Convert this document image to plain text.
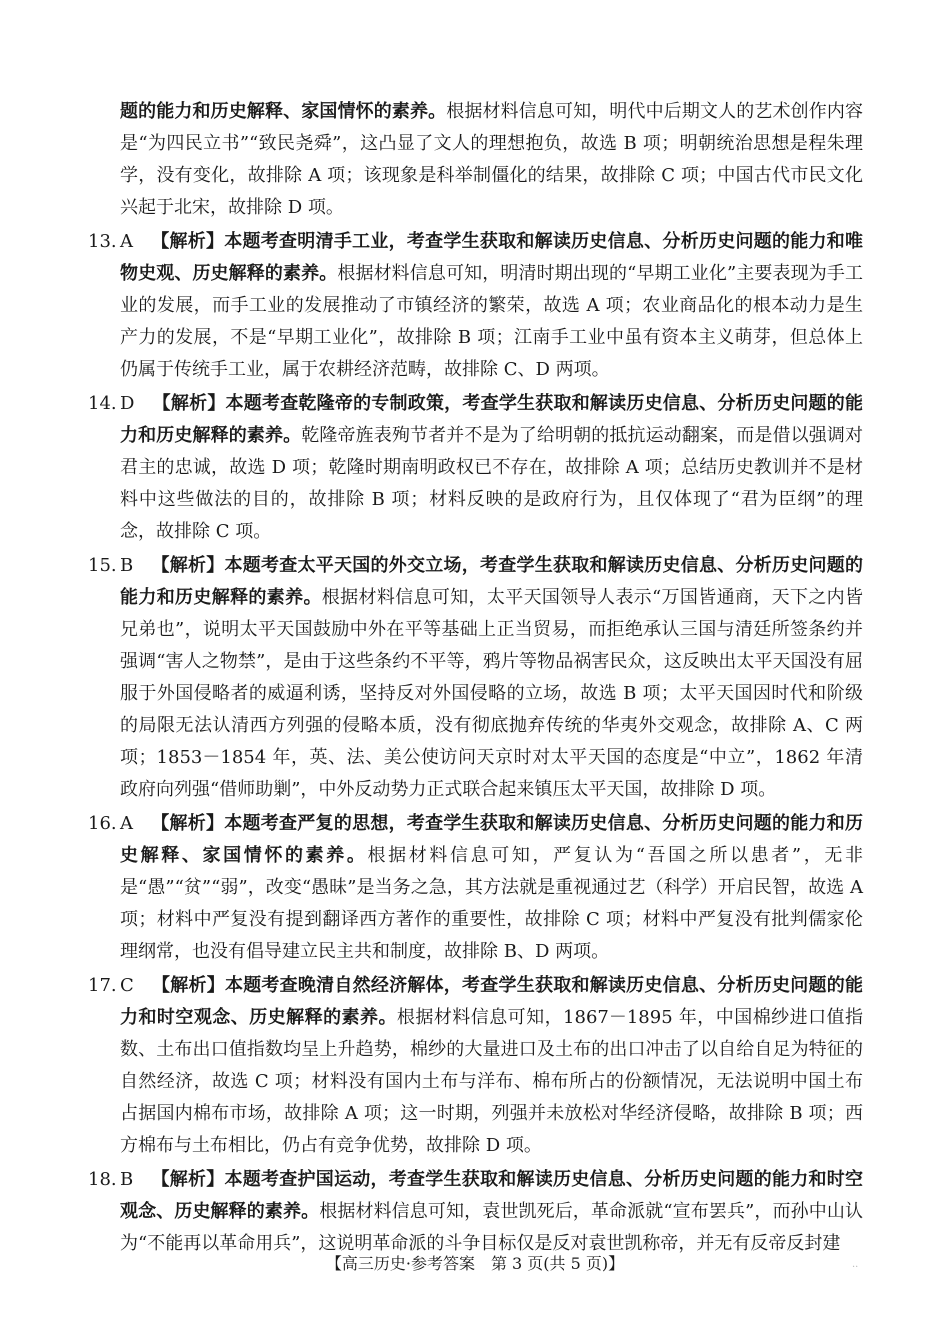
题的能力和历史解释、家国情怀的素养。根据材料信息可知，明代中后期文人的艺术创作内容是“为四民立书”“致民尧舜”，这凸显了文人的理想抱负，故选 B 项；明朝统治思想是程朱理学，没有变化，故排除 A 项；该现象是科举制僵化的结果，故排除 C 项；中国古代市民文化兴起于北宋，故排除 D 项。

13. A 【解析】本题考查明清手工业，考查学生获取和解读历史信息、分析历史问题的能力和唯物史观、历史解释的素养。根据材料信息可知，明清时期出现的“早期工业化”主要表现为手工业的发展，而手工业的发展推动了市镇经济的繁荣，故选 A 项；农业商品化的根本动力是生产力的发展，不是“早期工业化”，故排除 B 项；江南手工业中虽有资本主义萌芽，但总体上仍属于传统手工业，属于农耕经济范畴，故排除 C、D 两项。
14. D 【解析】本题考查乾隆帝的专制政策，考查学生获取和解读历史信息、分析历史问题的能力和历史解释的素养。乾隆帝旌表殉节者并不是为了给明朝的抵抗运动翻案，而是借以强调对君主的忠诚，故选 D 项；乾隆时期南明政权已不存在，故排除 A 项；总结历史教训并不是材料中这些做法的目的，故排除 B 项；材料反映的是政府行为，且仅体现了“君为臣纲”的理念，故排除 C 项。
15. B 【解析】本题考查太平天国的外交立场，考查学生获取和解读历史信息、分析历史问题的能力和历史解释的素养。根据材料信息可知，太平天国领导人表示“万国皆通商，天下之内皆兄弟也”，说明太平天国鼓励中外在平等基础上正当贸易，而拒绝承认三国与清廷所签条约并强调“害人之物禁”，是由于这些条约不平等，鸦片等物品祸害民众，这反映出太平天国没有屈服于外国侵略者的威逼利诱，坚持反对外国侵略的立场，故选 B 项；太平天国因时代和阶级的局限无法认清西方列强的侵略本质，没有彻底抛弃传统的华夷外交观念，故排除 A、C 两项；1853－1854 年，英、法、美公使访问天京时对太平天国的态度是“中立”，1862 年清政府向列强“借师助剿”，中外反动势力正式联合起来镇压太平天国，故排除 D 项。
16. A 【解析】本题考查严复的思想，考查学生获取和解读历史信息、分析历史问题的能力和历史解释、家国情怀的素养。根据材料信息可知，严复认为“吾国之所以患者”，无非是“愚”“贫”“弱”，改变“愚昧”是当务之急，其方法就是重视通过艺（科学）开启民智，故选 A 项；材料中严复没有提到翻译西方著作的重要性，故排除 C 项；材料中严复没有批判儒家伦理纲常，也没有倡导建立民主共和制度，故排除 B、D 两项。
17. C 【解析】本题考查晚清自然经济解体，考查学生获取和解读历史信息、分析历史问题的能力和时空观念、历史解释的素养。根据材料信息可知，1867－1895 年，中国棉纱进口值指数、土布出口值指数均呈上升趋势，棉纱的大量进口及土布的出口冲击了以自给自足为特征的自然经济，故选 C 项；材料没有国内土布与洋布、棉布所占的份额情况，无法说明中国土布占据国内棉布市场，故排除 A 项；这一时期，列强并未放松对华经济侵略，故排除 B 项；西方棉布与土布相比，仍占有竞争优势，故排除 D 项。
18. B 【解析】本题考查护国运动，考查学生获取和解读历史信息、分析历史问题的能力和时空观念、历史解释的素养。根据材料信息可知，袁世凯死后，革命派就“宣布罢兵”，而孙中山认为“不能再以革命用兵”，这说明革命派的斗争目标仅是反对袁世凯称帝，并无有反帝反封建
【高三历史·参考答案　第 3 页(共 5 页)】	··
